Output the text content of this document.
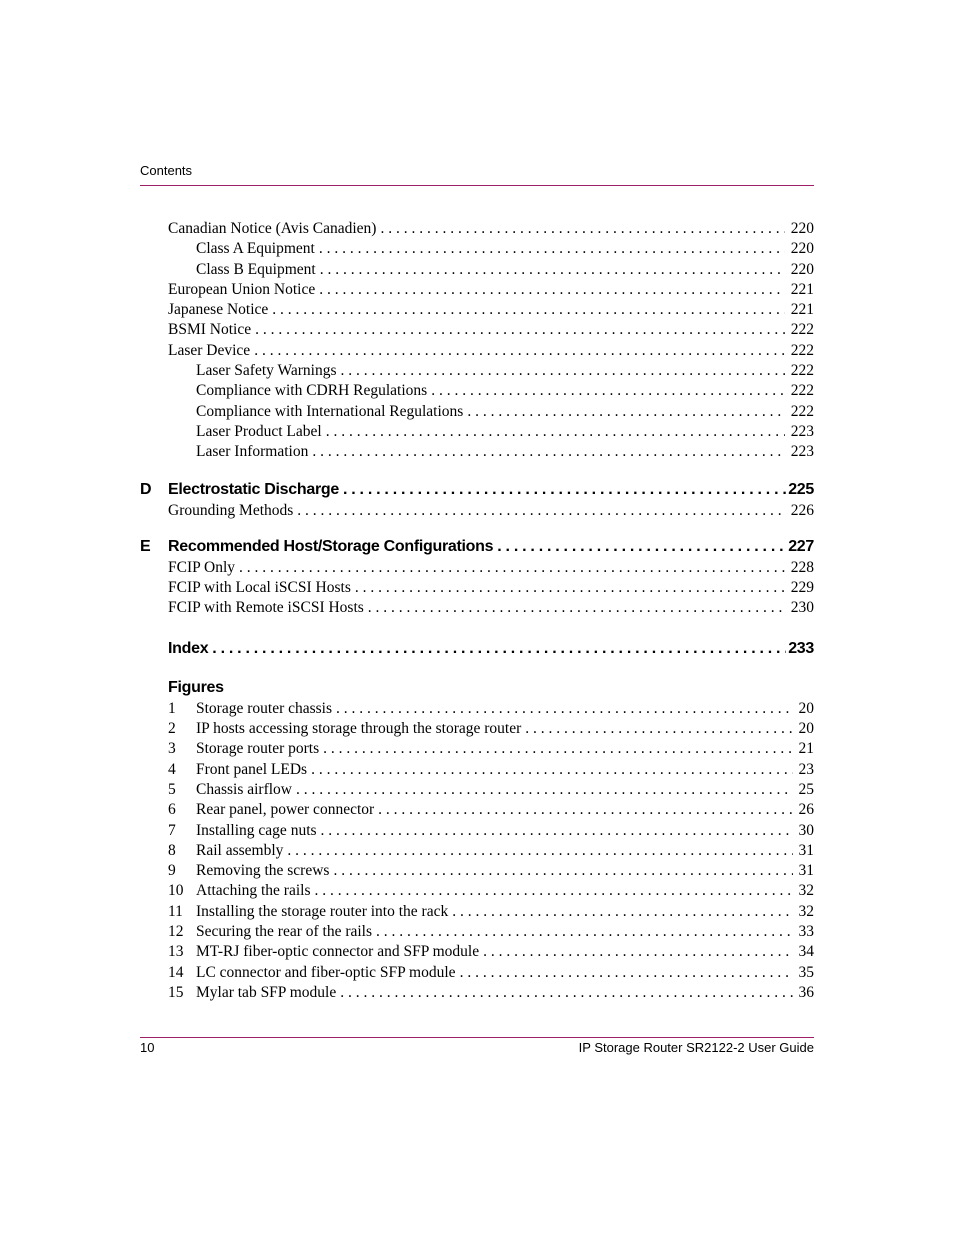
Contents
Canadian Notice (Avis Canadien) . . .	220
Class A Equipment . . .	220
Class B Equipment . . .	220
European Union Notice . . .	221
Japanese Notice . . .	221
BSMI Notice . . .	222
Laser Device . . .	222
Laser Safety Warnings . . .	222
Compliance with CDRH Regulations . . .	222
Compliance with International Regulations . . .	222
Laser Product Label . . .	223
Laser Information . . .	223
D Electrostatic Discharge . . .	225
Grounding Methods . . .	226
E Recommended Host/Storage Configurations . . .	227
FCIP Only . . .	228
FCIP with Local iSCSI Hosts . . .	229
FCIP with Remote iSCSI Hosts . . .	230
Index . . .	233
Figures
1 Storage router chassis . . .	20
2 IP hosts accessing storage through the storage router . . .	20
3 Storage router ports . . .	21
4 Front panel LEDs . . .	23
5 Chassis airflow . . .	25
6 Rear panel, power connector . . .	26
7 Installing cage nuts . . .	30
8 Rail assembly . . .	31
9 Removing the screws . . .	31
10 Attaching the rails . . .	32
11 Installing the storage router into the rack . . .	32
12 Securing the rear of the rails . . .	33
13 MT-RJ fiber-optic connector and SFP module . . .	34
14 LC connector and fiber-optic SFP module . . .	35
15 Mylar tab SFP module . . .	36
10	IP Storage Router SR2122-2 User Guide
